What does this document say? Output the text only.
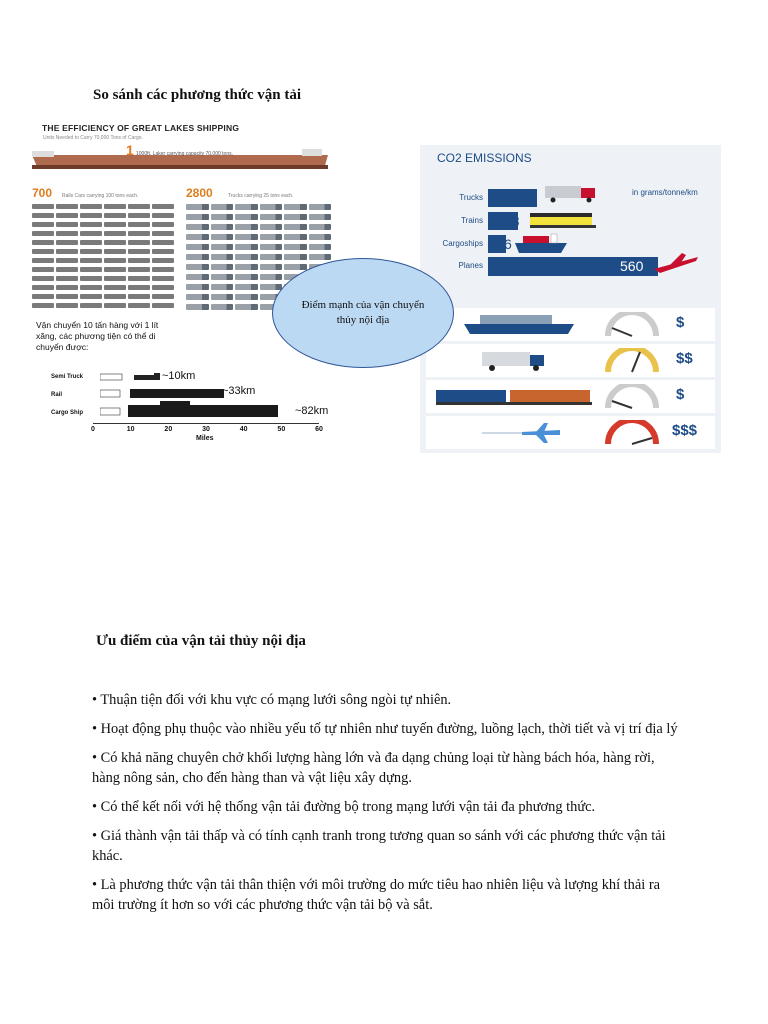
So sánh các phương thức vận tải
THE EFFICIENCY OF GREAT LAKES SHIPPING
Units Needed to Carry 70,000 Tons of Cargo.
1 1000ft. Laker carrying capacity 70,000 tons.
700 Rails Cars carrying 100 tons each.	2800	Trucks carrying 25 tons each.
Vận chuyển 10 tấn hàng với 1 lít xăng, các phương tiện có thể di chuyển được:
Semi Truck	~10km
Rail	~33km
Cargo Ship	~82km
0	10	20	30	40	50	60
Miles
CO2 EMISSIONS
in grams/tonne/km
Trucks 47
Trains 18
Cargoships 6
Planes	560
$
$$
$
$$$
Điểm mạnh của vận chuyển thủy nội địa
Ưu điểm của vận tải thủy nội địa
• Thuận tiện đối với khu vực có mạng lưới sông ngòi tự nhiên.
• Hoạt động phụ thuộc vào nhiều yếu tố tự nhiên như tuyến đường, luồng lạch, thời tiết và vị trí địa lý
• Có khả năng chuyên chở khối lượng hàng lớn và đa dạng chủng loại từ hàng bách hóa, hàng rời, hàng nông sản, cho đến hàng than và vật liệu xây dựng.
• Có thể kết nối với hệ thống vận tải đường bộ trong mạng lưới vận tải đa phương thức.
• Giá thành vận tải thấp và có tính cạnh tranh trong tương quan so sánh với các phương thức vận tải khác.
• Là phương thức vận tải thân thiện với môi trường do mức tiêu hao nhiên liệu và lượng khí thải ra môi trường ít hơn so với các phương thức vận tải bộ và sắt.
